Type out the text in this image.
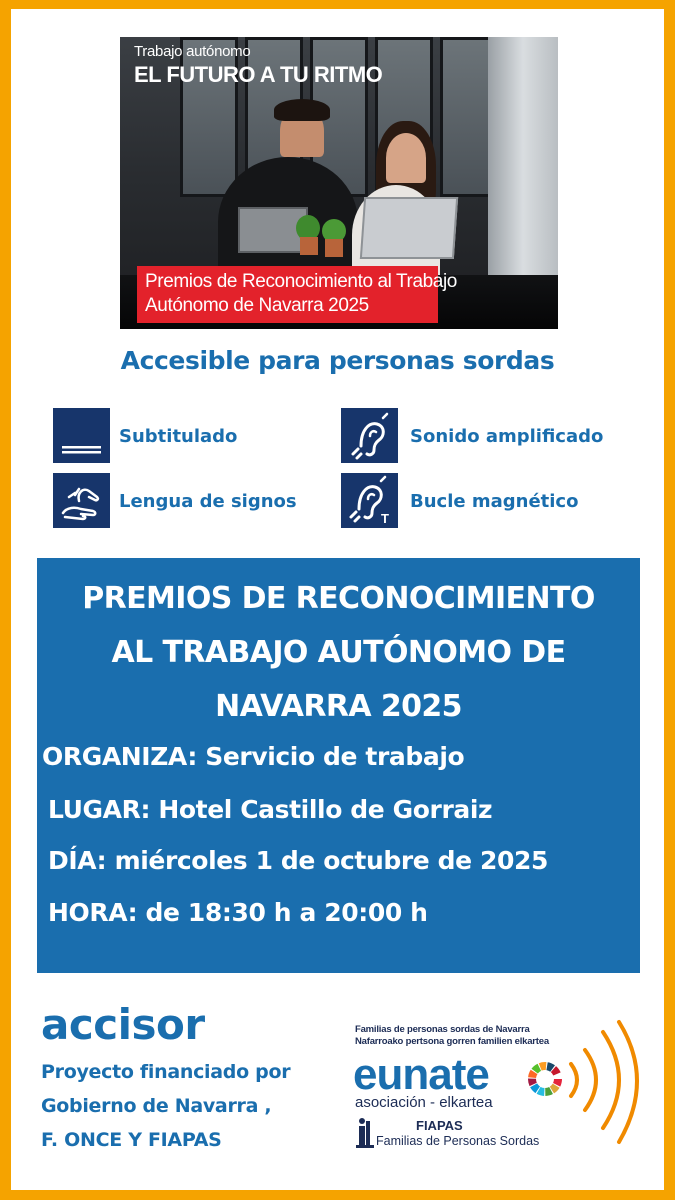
Trabajo autónomo
EL FUTURO A TU RITMO
Premios de Reconocimiento al Trabajo
Autónomo de Navarra 2025
Accesible para personas sordas
Subtitulado	Sonido amplificado
Lengua de signos
T
Bucle magnético
PREMIOS DE RECONOCIMIENTO
AL TRABAJO AUTÓNOMO DE
NAVARRA 2025
ORGANIZA: Servicio de trabajo
LUGAR: Hotel Castillo de Gorraiz
DÍA: miércoles 1 de octubre de 2025
HORA: de 18:30 h a 20:00 h
accisor
Proyecto financiado por
Gobierno de Navarra ,
F. ONCE Y FIAPAS
Familias de personas sordas de Navarra
Nafarroako pertsona gorren familien elkartea
eunate
asociación - elkartea
FIAPAS
Familias de Personas Sordas
